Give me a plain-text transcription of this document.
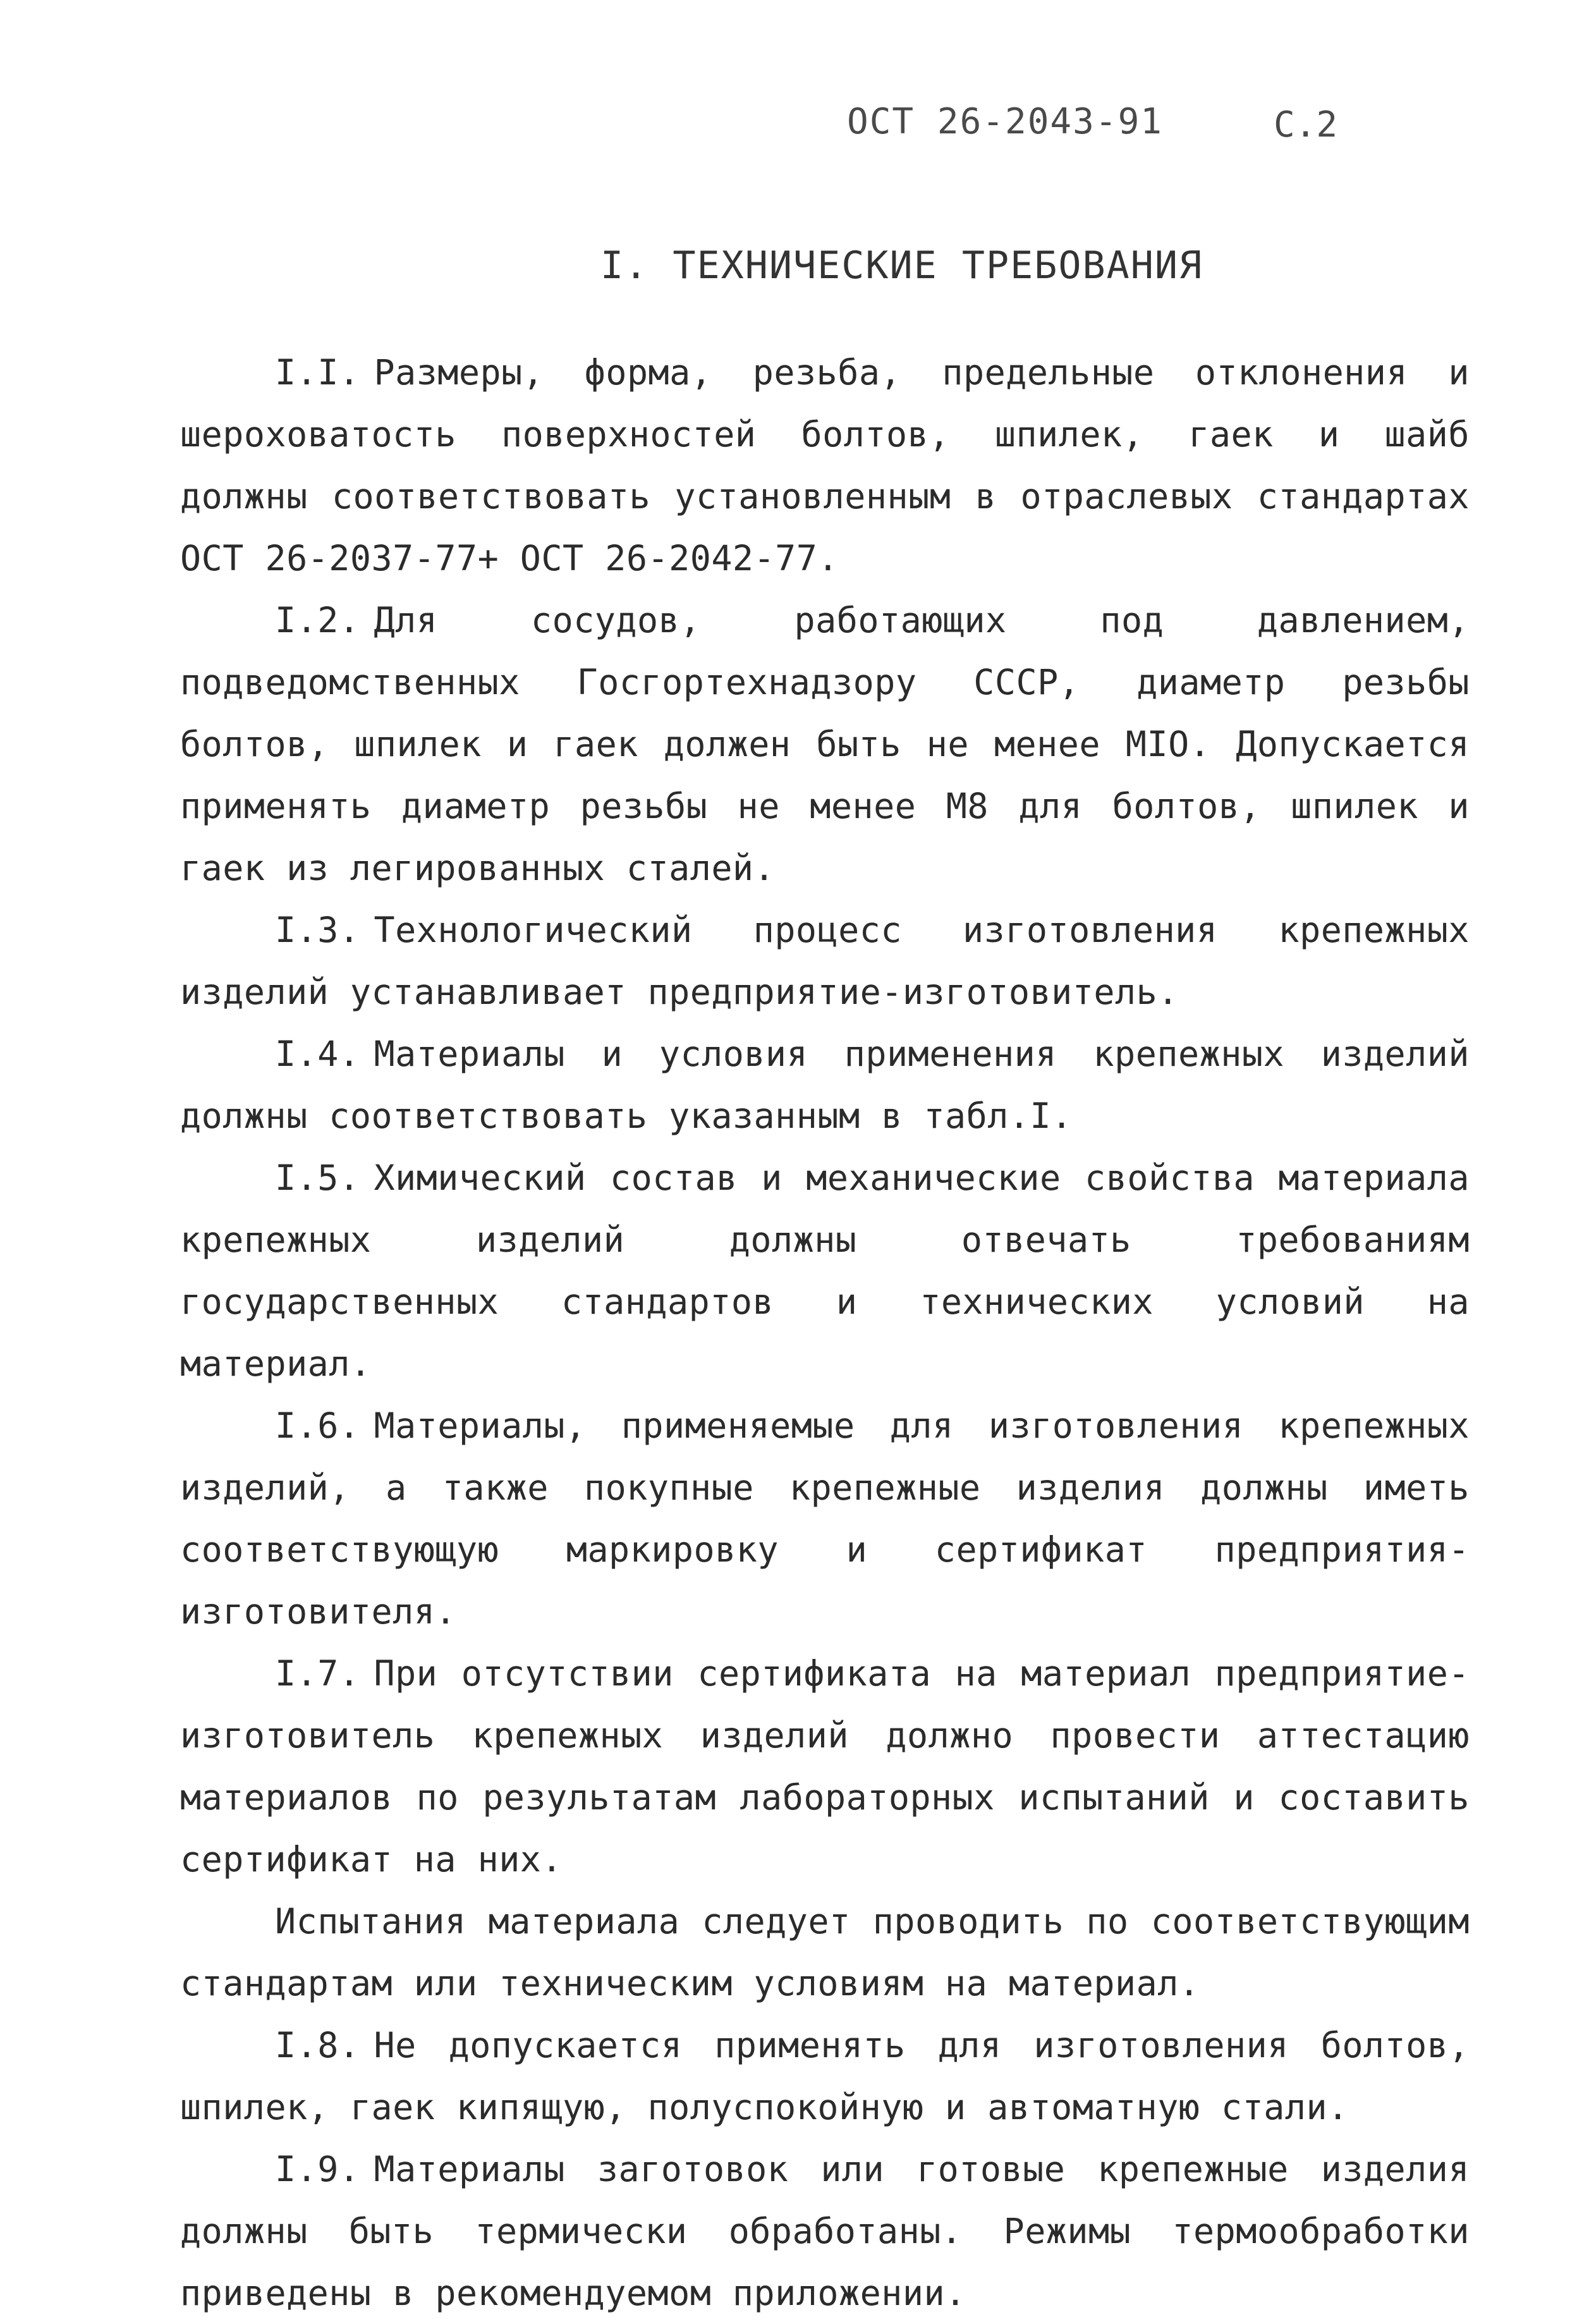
ОСТ 26-2043-91	С.2
I. ТЕХНИЧЕСКИЕ ТРЕБОВАНИЯ

I.I. Размеры, форма, резьба, предельные отклонения и шероховатость поверхностей болтов, шпилек, гаек и шайб должны соответствовать установленным в отраслевых стандартах ОСТ 26-2037-77+ ОСТ 26-2042-77.

I.2. Для сосудов, работающих под давлением, подведомственных Госгортехнадзору СССР, диаметр резьбы болтов, шпилек и гаек должен быть не менее МIО. Допускается применять диаметр резьбы не менее М8 для болтов, шпилек и гаек из легированных сталей.

I.3. Технологический процесс изготовления крепежных изделий устанавливает предприятие-изготовитель.

I.4. Материалы и условия применения крепежных изделий должны соответствовать указанным в табл.I.

I.5. Химический состав и механические свойства материала крепежных изделий должны отвечать требованиям государственных стандартов и технических условий на материал.

I.6. Материалы, применяемые для изготовления крепежных изделий, а также покупные крепежные изделия должны иметь соответствующую маркировку и сертификат предприятия-изготовителя.

I.7. При отсутствии сертификата на материал предприятие-изготовитель крепежных изделий должно провести аттестацию материалов по результатам лабораторных испытаний и составить сертификат на них.

Испытания материала следует проводить по соответствующим стандартам или техническим условиям на материал.

I.8. Не допускается применять для изготовления болтов, шпилек, гаек кипящую, полуспокойную и автоматную стали.

I.9. Материалы заготовок или готовые крепежные изделия должны быть термически обработаны. Режимы термообработки приведены в рекомендуемом приложении.
